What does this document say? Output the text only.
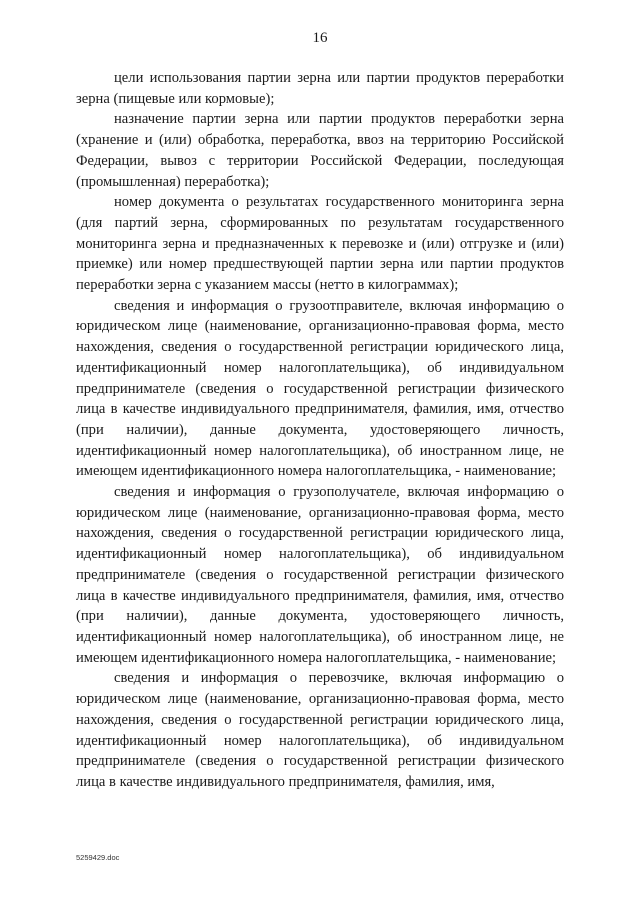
16

цели использования партии зерна или партии продуктов переработки зерна (пищевые или кормовые);

назначение партии зерна или партии продуктов переработки зерна (хранение и (или) обработка, переработка, ввоз на территорию Российской Федерации, вывоз с территории Российской Федерации, последующая (промышленная) переработка);

номер документа о результатах государственного мониторинга зерна (для партий зерна, сформированных по результатам государственного мониторинга зерна и предназначенных к перевозке и (или) отгрузке и (или) приемке) или номер предшествующей партии зерна или партии продуктов переработки зерна с указанием массы (нетто в килограммах);

сведения и информация о грузоотправителе, включая информацию о юридическом лице (наименование, организационно-правовая форма, место нахождения, сведения о государственной регистрации юридического лица, идентификационный номер налогоплательщика), об индивидуальном предпринимателе (сведения о государственной регистрации физического лица в качестве индивидуального предпринимателя, фамилия, имя, отчество (при наличии), данные документа, удостоверяющего личность, идентификационный номер налогоплательщика), об иностранном лице, не имеющем идентификационного номера налогоплательщика, - наименование;

сведения и информация о грузополучателе, включая информацию о юридическом лице (наименование, организационно-правовая форма, место нахождения, сведения о государственной регистрации юридического лица, идентификационный номер налогоплательщика), об индивидуальном предпринимателе (сведения о государственной регистрации физического лица в качестве индивидуального предпринимателя, фамилия, имя, отчество (при наличии), данные документа, удостоверяющего личность, идентификационный номер налогоплательщика), об иностранном лице, не имеющем идентификационного номера налогоплательщика, - наименование;

сведения и информация о перевозчике, включая информацию о юридическом лице (наименование, организационно-правовая форма, место нахождения, сведения о государственной регистрации юридического лица, идентификационный номер налогоплательщика), об индивидуальном предпринимателе (сведения о государственной регистрации физического лица в качестве индивидуального предпринимателя, фамилия, имя,

5259429.doc
